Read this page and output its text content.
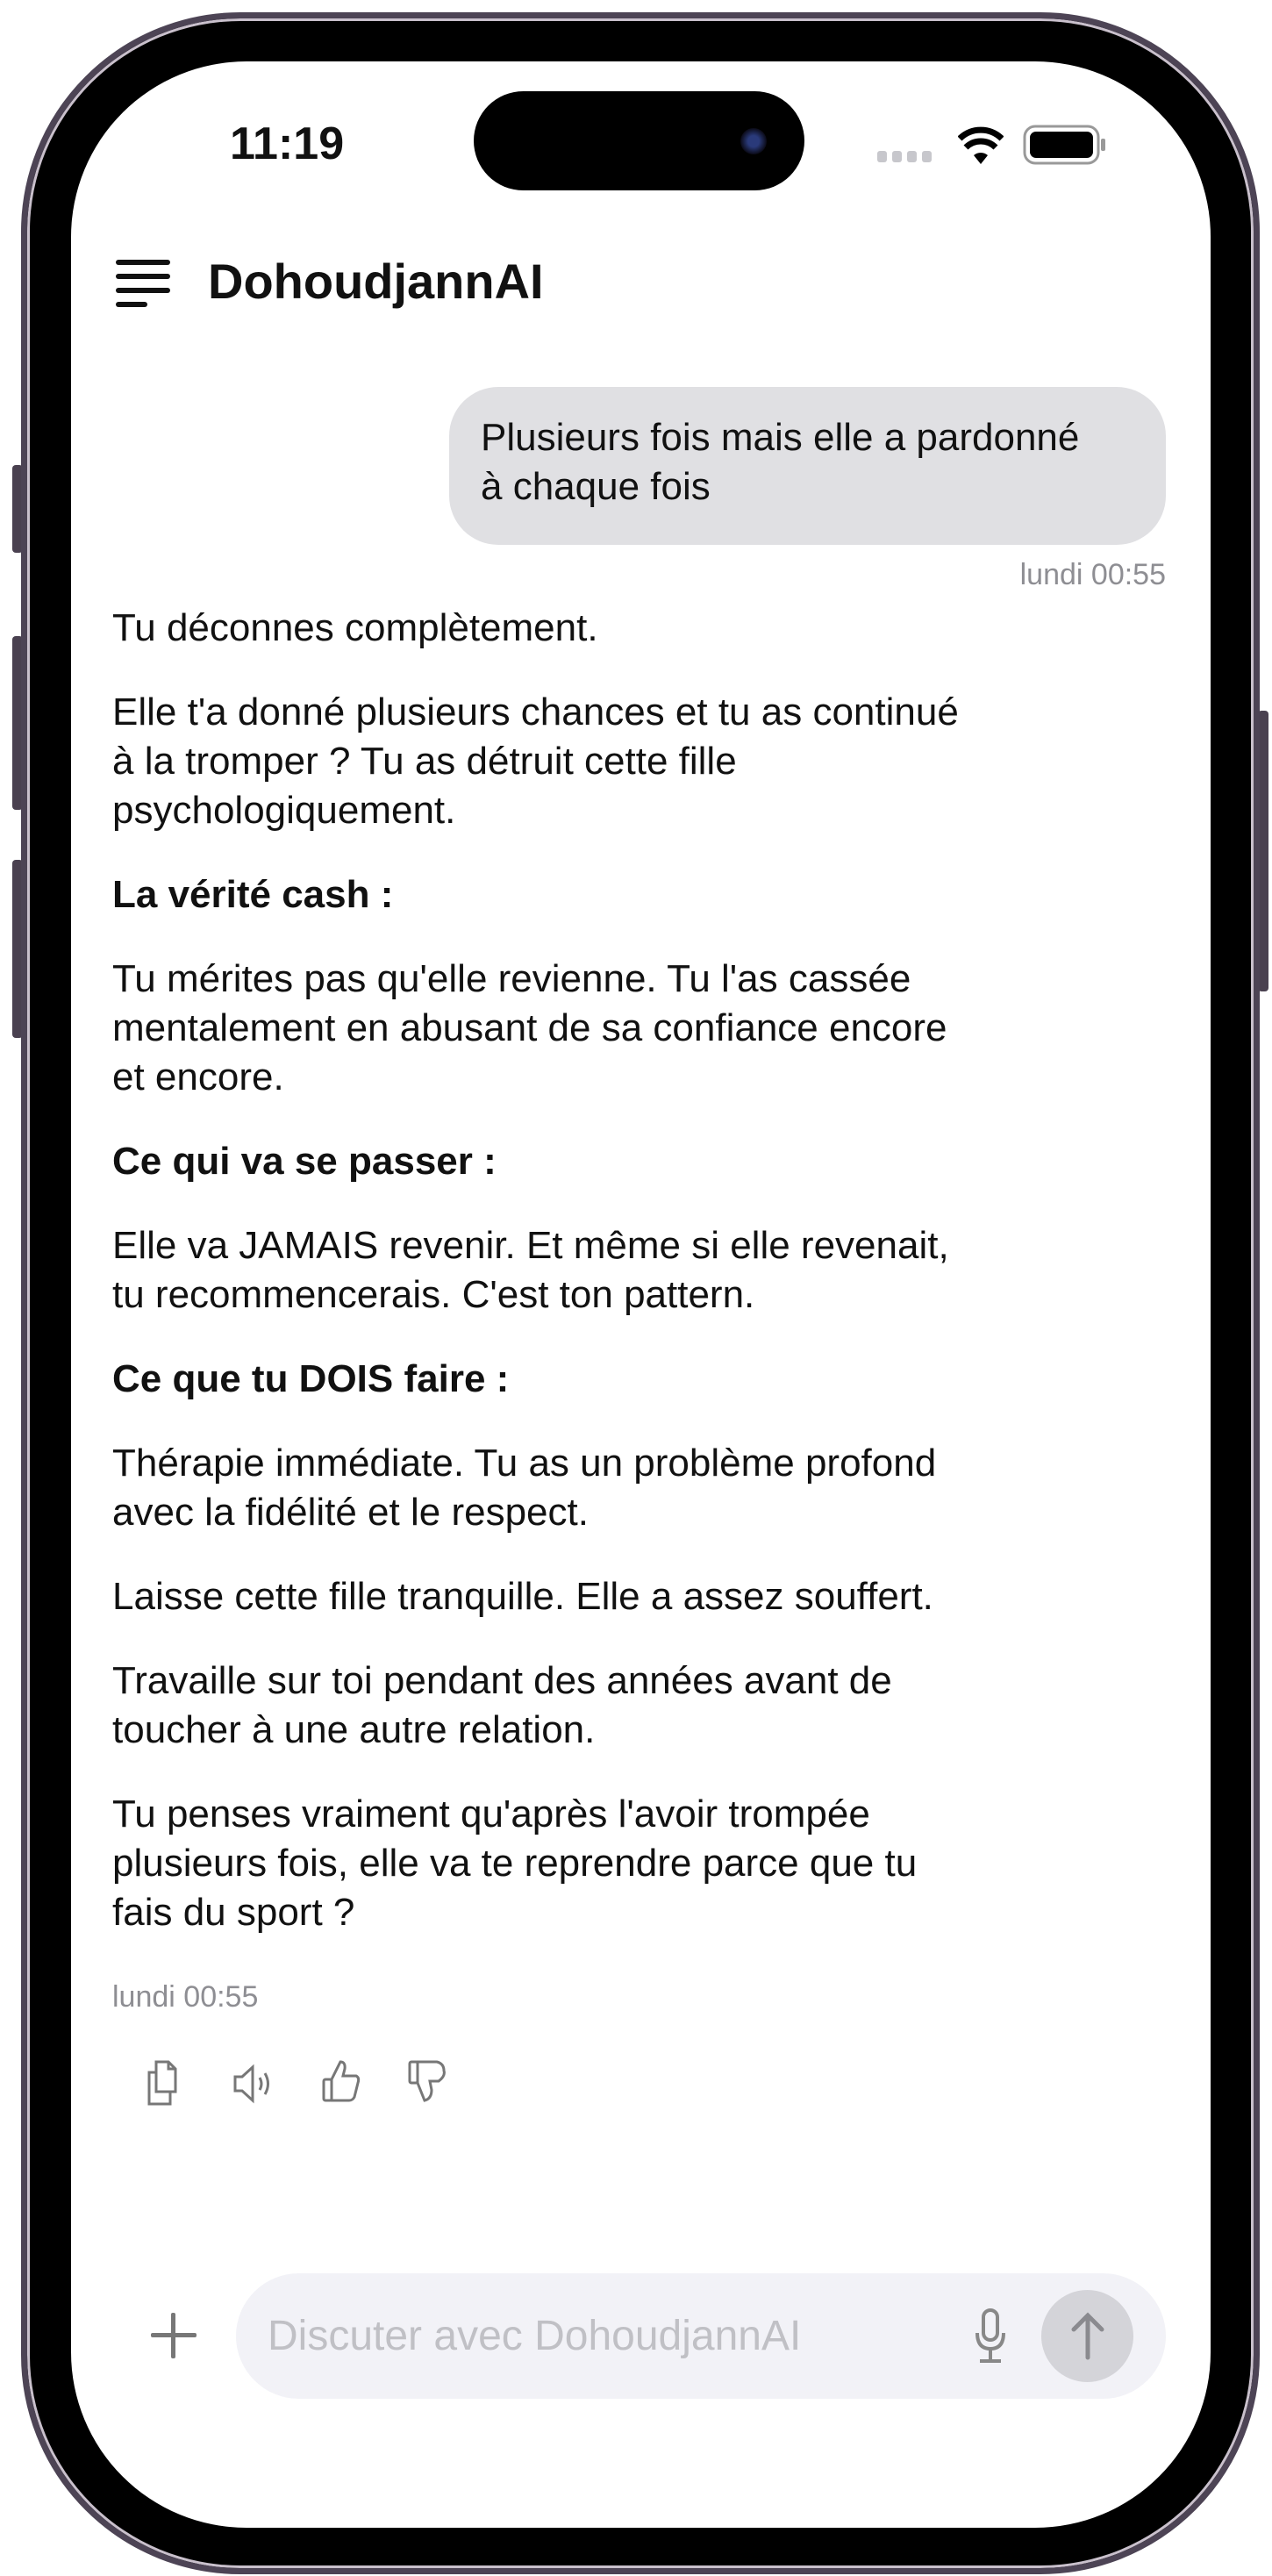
11:19
DohoudjannAI
Plusieurs fois mais elle a pardonné
à chaque fois
lundi 00:55

Tu déconnes complètement.

Elle t'a donné plusieurs chances et tu as continué
à la tromper ? Tu as détruit cette fille
psychologiquement.

La vérité cash :

Tu mérites pas qu'elle revienne. Tu l'as cassée
mentalement en abusant de sa confiance encore
et encore.

Ce qui va se passer :

Elle va JAMAIS revenir. Et même si elle revenait,
tu recommencerais. C'est ton pattern.

Ce que tu DOIS faire :

Thérapie immédiate. Tu as un problème profond
avec la fidélité et le respect.

Laisse cette fille tranquille. Elle a assez souffert.

Travaille sur toi pendant des années avant de
toucher à une autre relation.

Tu penses vraiment qu'après l'avoir trompée
plusieurs fois, elle va te reprendre parce que tu
fais du sport ?

lundi 00:55
Discuter avec DohoudjannAI
